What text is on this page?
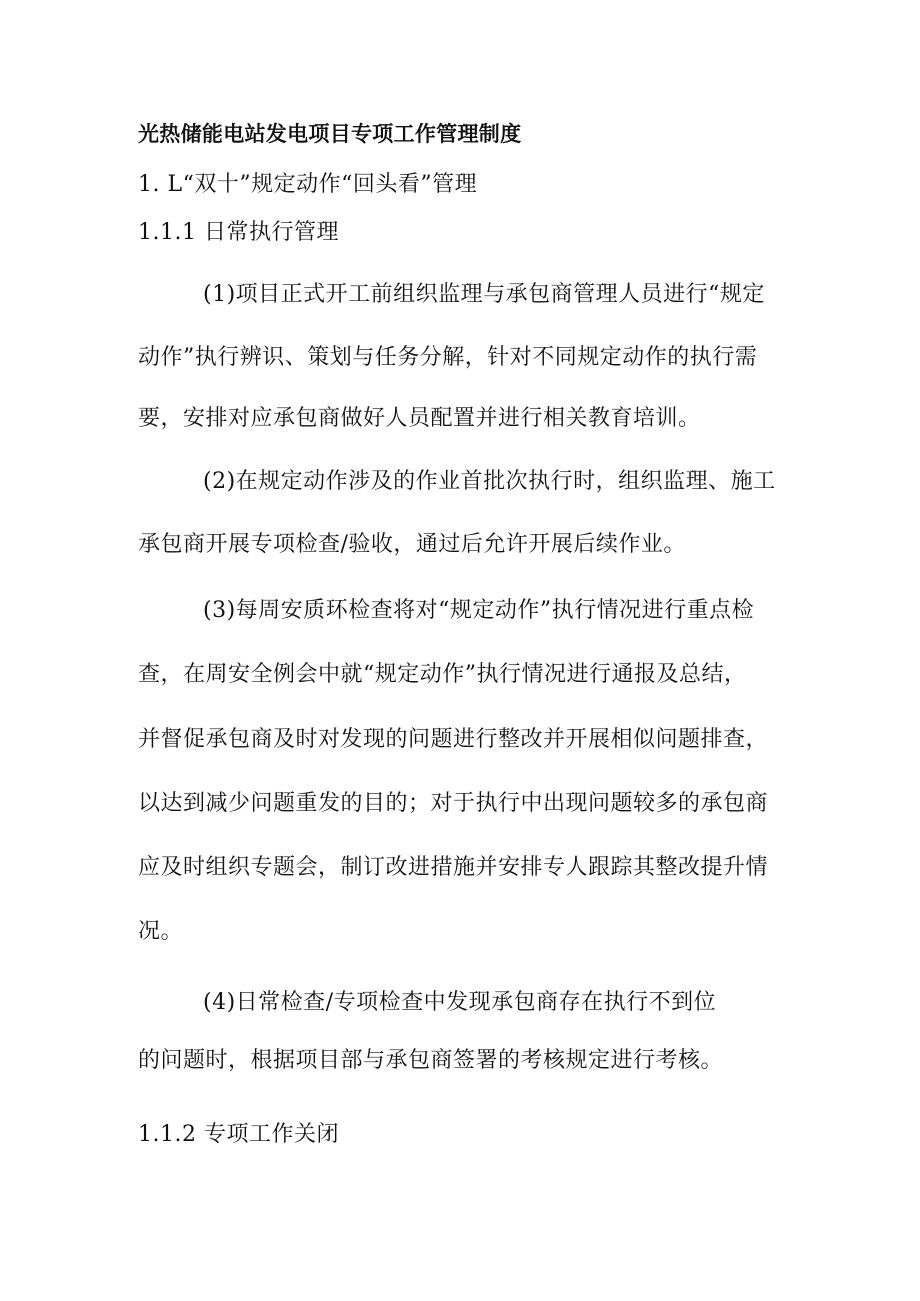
光热储能电站发电项目专项工作管理制度
1. L“双十”规定动作“回头看”管理
1.1.1 日常执行管理
(1)项目正式开工前组织监理与承包商管理人员进行“规定
动作”执行辨识、策划与任务分解，针对不同规定动作的执行需
要，安排对应承包商做好人员配置并进行相关教育培训。
(2)在规定动作涉及的作业首批次执行时，组织监理、施工
承包商开展专项检查/验收，通过后允许开展后续作业。
(3)每周安质环检查将对“规定动作”执行情况进行重点检
查，在周安全例会中就“规定动作”执行情况进行通报及总结，
并督促承包商及时对发现的问题进行整改并开展相似问题排查，
以达到减少问题重发的目的；对于执行中出现问题较多的承包商
应及时组织专题会，制订改进措施并安排专人跟踪其整改提升情
况。
(4)日常检查/专项检查中发现承包商存在执行不到位
的问题时，根据项目部与承包商签署的考核规定进行考核。
1.1.2 专项工作关闭
